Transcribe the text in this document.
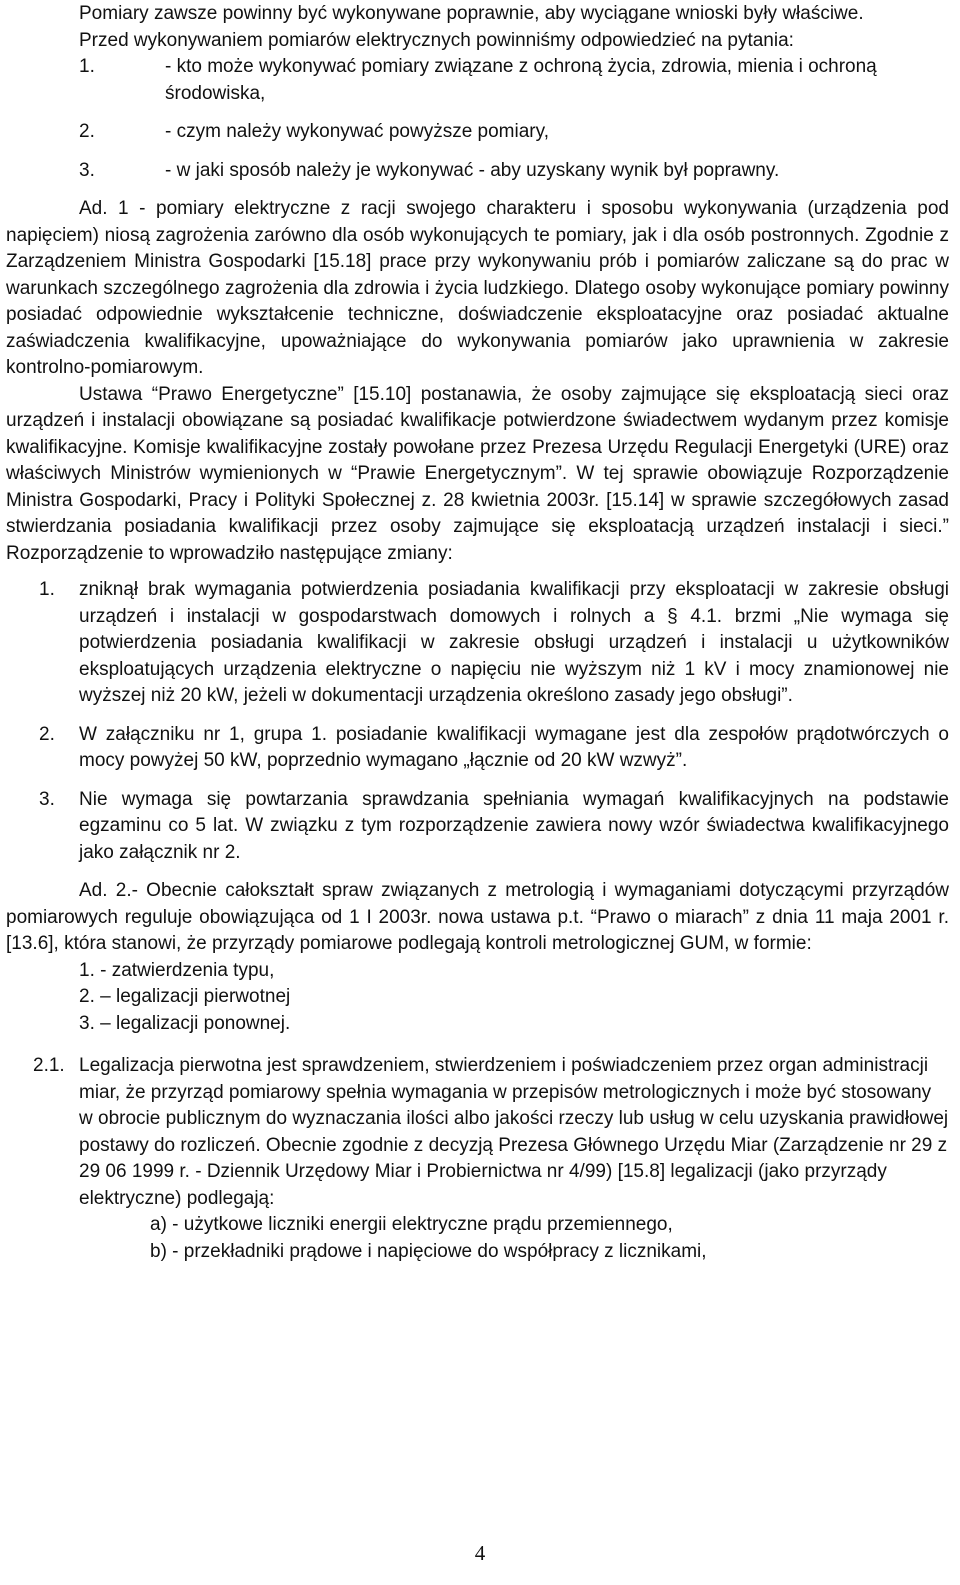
Pomiary zawsze powinny być wykonywane poprawnie, aby wyciągane wnioski były właściwe.

Przed wykonywaniem pomiarów elektrycznych powinniśmy odpowiedzieć na pytania:

1.	- kto może wykonywać pomiary związane z ochroną życia, zdrowia, mienia i ochroną środowiska,
2.	- czym należy wykonywać powyższe pomiary,
3.	- w jaki sposób należy je wykonywać - aby uzyskany wynik był poprawny.

Ad. 1 - pomiary elektryczne z racji swojego charakteru i sposobu wykonywania (urządzenia pod napięciem) niosą zagrożenia zarówno dla osób wykonujących te pomiary, jak i dla osób postronnych. Zgodnie z Zarządzeniem Ministra Gospodarki [15.18] prace przy wykonywaniu prób i pomiarów zaliczane są do prac w warunkach szczególnego zagrożenia dla zdrowia i życia ludzkiego. Dlatego osoby wykonujące pomiary powinny posiadać odpowiednie wykształcenie techniczne, doświadczenie eksploatacyjne oraz posiadać aktualne zaświadczenia kwalifikacyjne, upoważniające do wykonywania pomiarów jako uprawnienia w zakresie kontrolno-pomiarowym.

Ustawa “Prawo Energetyczne” [15.10] postanawia, że osoby zajmujące się eksploatacją sieci oraz urządzeń i instalacji obowiązane są posiadać kwalifikacje potwierdzone świadectwem wydanym przez komisje kwalifikacyjne. Komisje kwalifikacyjne zostały powołane przez Prezesa Urzędu Regulacji Energetyki (URE) oraz właściwych Ministrów wymienionych w “Prawie Energetycznym”. W tej sprawie obowiązuje Rozporządzenie Ministra Gospodarki, Pracy i Polityki Społecznej z. 28 kwietnia 2003r. [15.14] w sprawie szczegółowych zasad stwierdzania posiadania kwalifikacji przez osoby zajmujące się eksploatacją urządzeń instalacji i sieci.” Rozporządzenie to wprowadziło następujące zmiany:

1.	zniknął brak wymagania potwierdzenia posiadania kwalifikacji przy eksploatacji w zakresie obsługi urządzeń i instalacji w gospodarstwach domowych i rolnych a § 4.1. brzmi „Nie wymaga się potwierdzenia posiadania kwalifikacji w zakresie obsługi urządzeń i instalacji u użytkowników eksploatujących urządzenia elektryczne o napięciu nie wyższym niż 1 kV i mocy znamionowej nie wyższej niż 20 kW, jeżeli w dokumentacji urządzenia określono zasady jego obsługi”.
2.	W załączniku nr 1, grupa 1. posiadanie kwalifikacji wymagane jest dla zespołów prądotwórczych o mocy powyżej 50 kW, poprzednio wymagano „łącznie od 20 kW wzwyż”.
3.	Nie wymaga się powtarzania sprawdzania spełniania wymagań kwalifikacyjnych na podstawie egzaminu co 5 lat. W związku z tym rozporządzenie zawiera nowy wzór świadectwa kwalifikacyjnego jako załącznik nr 2.

Ad. 2.- Obecnie całokształt spraw związanych z metrologią i wymaganiami dotyczącymi przyrządów pomiarowych reguluje obowiązująca od 1 I 2003r. nowa ustawa p.t. “Prawo o miarach” z dnia 11 maja 2001 r. [13.6], która stanowi, że przyrządy pomiarowe podlegają kontroli metrologicznej GUM, w formie:

1. - zatwierdzenia typu,

2. – legalizacji pierwotnej

3. – legalizacji ponownej.

2.1. Legalizacja pierwotna jest sprawdzeniem, stwierdzeniem i poświadczeniem przez organ administracji miar, że przyrząd pomiarowy spełnia wymagania w przepisów metrologicznych i może być stosowany w obrocie publicznym do wyznaczania ilości albo jakości rzeczy lub usług w celu uzyskania prawidłowej postawy do rozliczeń. Obecnie zgodnie z decyzją Prezesa Głównego Urzędu Miar (Zarządzenie nr 29 z 29 06 1999 r. - Dziennik Urzędowy Miar i Probiernictwa nr 4/99) [15.8] legalizacji (jako przyrządy elektryczne) podlegają:

a) - użytkowe liczniki energii elektryczne prądu przemiennego,

b) - przekładniki prądowe i napięciowe do współpracy z licznikami,

4
